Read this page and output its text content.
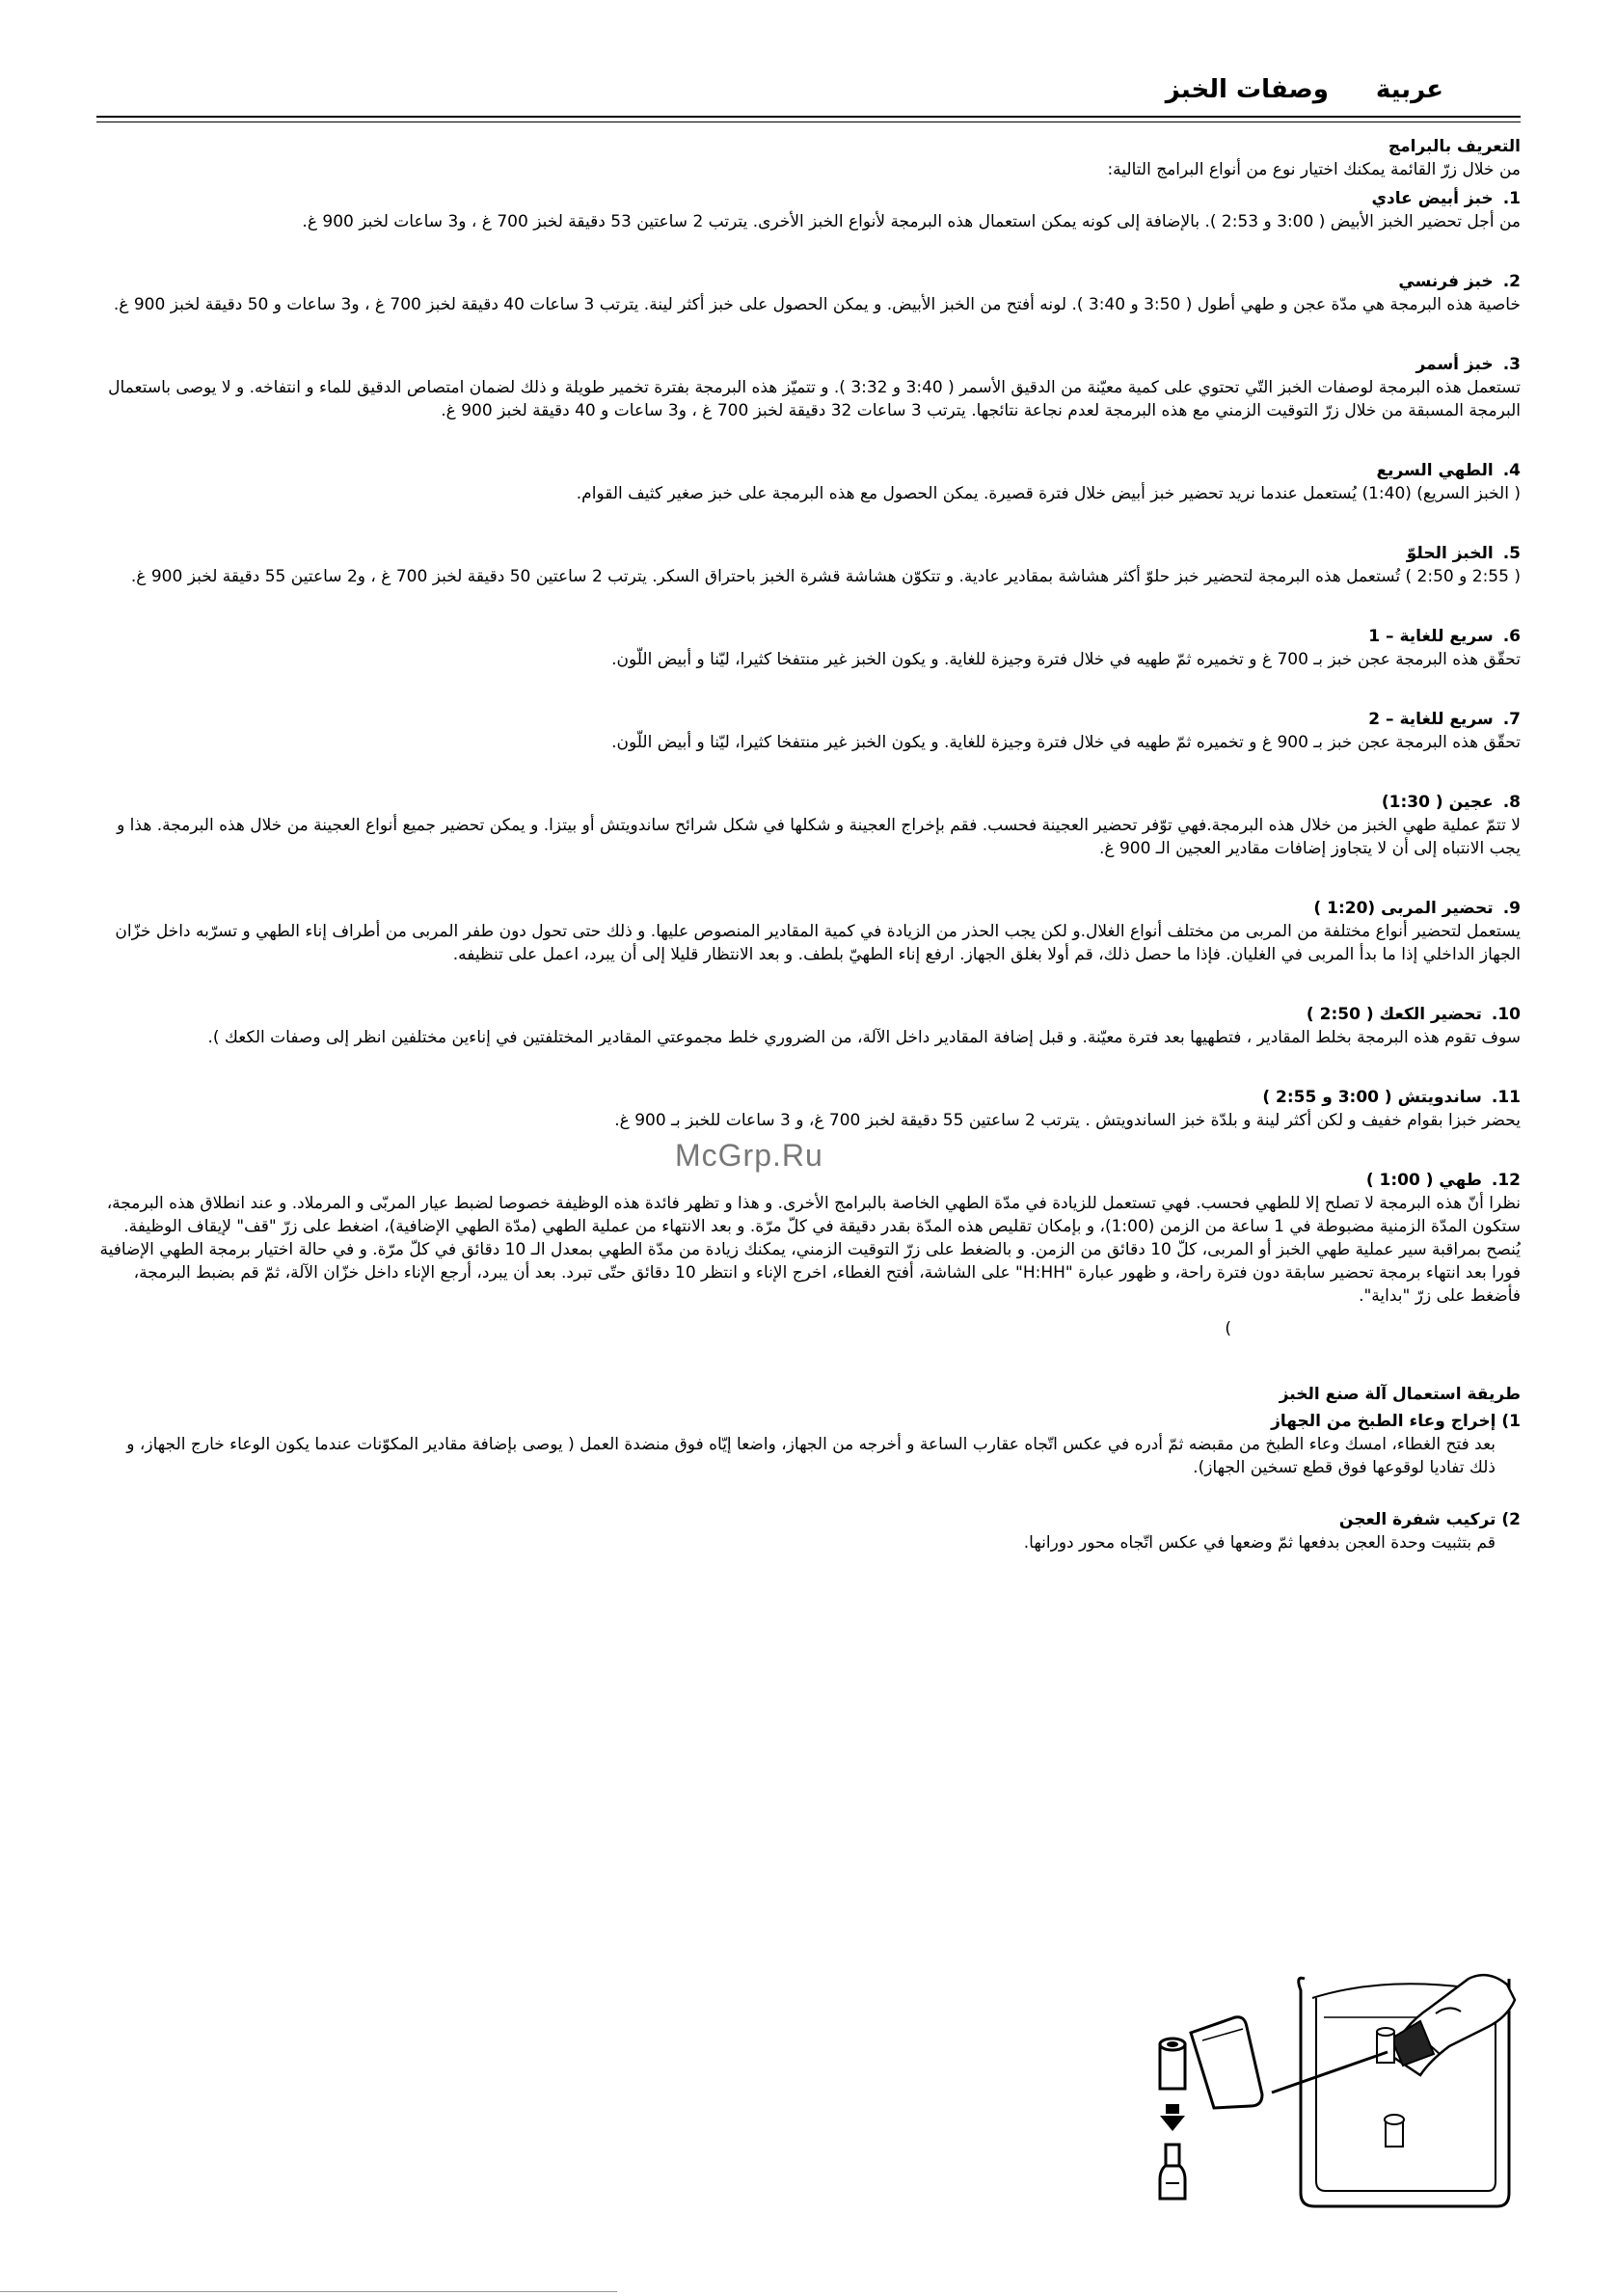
عربية وصفات الخبز
التعريف بالبرامج
من خلال زرّ القائمة يمكنك اختيار نوع من أنواع البرامج التالية:
1.خبز أبيض عادي
من أجل تحضير الخبز الأبيض ( 3:00 و 2:53 ). بالإضافة إلى كونه يمكن استعمال هذه البرمجة لأنواع الخبز الأخرى. يترتب 2 ساعتين 53 دقيقة لخبز 700 غ ، و3 ساعات لخبز 900 غ.
2.خبز فرنسي
خاصية هذه البرمجة هي مدّة عجن و طهي أطول ( 3:50 و 3:40 ). لونه أفتح من الخبز الأبيض. و يمكن الحصول على خبز أكثر لينة. يترتب 3 ساعات 40 دقيقة لخبز 700 غ ، و3 ساعات و 50 دقيقة لخبز 900 غ.
3.خبز أسمر
تستعمل هذه البرمجة لوصفات الخبز التّي تحتوي على كمية معيّنة من الدقيق الأسمر ( 3:40 و 3:32 ). و تتميّز هذه البرمجة بفترة تخمير طويلة و ذلك لضمان امتصاص الدقيق للماء و انتفاخه. و لا يوصى باستعمال البرمجة المسبقة من خلال زرّ التوقيت الزمني مع هذه البرمجة لعدم نجاعة نتائجها. يترتب 3 ساعات 32 دقيقة لخبز 700 غ ، و3 ساعات و 40 دقيقة لخبز 900 غ.
4.الطهي السريع
( الخبز السريع) (1:40) يُستعمل عندما نريد تحضير خبز أبيض خلال فترة قصيرة. يمكن الحصول مع هذه البرمجة على خبز صغير كثيف القوام.
5.الخبز الحلوّ
( 2:55 و 2:50 ) تُستعمل هذه البرمجة لتحضير خبز حلوّ أكثر هشاشة بمقادير عادية. و تتكوّن هشاشة قشرة الخبز باحتراق السكر. يترتب 2 ساعتين 50 دقيقة لخبز 700 غ ، و2 ساعتين 55 دقيقة لخبز 900 غ.
6.سريع للغاية – 1
تحقّق هذه البرمجة عجن خبز بـ 700 غ و تخميره ثمّ طهيه في خلال فترة وجيزة للغاية. و يكون الخبز غير منتفخا كثيرا، ليّنا و أبيض اللّون.
7.سريع للغاية – 2
تحقّق هذه البرمجة عجن خبز بـ 900 غ و تخميره ثمّ طهيه في خلال فترة وجيزة للغاية. و يكون الخبز غير منتفخا كثيرا، ليّنا و أبيض اللّون.
8.عجين ( 1:30)
لا تتمّ عملية طهي الخبز من خلال هذه البرمجة.فهي توّفر تحضير العجينة فحسب. فقم بإخراج العجينة و شكلها في شكل شرائح ساندويتش أو بيتزا. و يمكن تحضير جميع أنواع العجينة من خلال هذه البرمجة. هذا و يجب الانتباه إلى أن لا يتجاوز إضافات مقادير العجين الـ 900 غ.
9.تحضير المربى (1:20 )
يستعمل لتحضير أنواع مختلفة من المربى من مختلف أنواع الغلال.و لكن يجب الحذر من الزيادة في كمية المقادير المنصوص عليها. و ذلك حتى تحول دون طفر المربى من أطراف إناء الطهي و تسرّبه داخل خزّان الجهاز الداخلي إذا ما بدأ المربى في الغليان. فإذا ما حصل ذلك، قم أولا بغلق الجهاز. ارفع إناء الطهيّ بلطف. و بعد الانتظار قليلا إلى أن يبرد، اعمل على تنظيفه.
10.تحضير الكعك ( 2:50 )
سوف تقوم هذه البرمجة بخلط المقادير ، فتطهيها بعد فترة معيّنة. و قبل إضافة المقادير داخل الآلة، من الضروري خلط مجموعتي المقادير المختلفتين في إناءين مختلفين انظر إلى وصفات الكعك ).
11.ساندويتش ( 3:00 و 2:55 )
يحضر خبزا بقوام خفيف و لكن أكثر لينة و بلدّة خبز الساندويتش . يترتب 2 ساعتين 55 دقيقة لخبز 700 غ، و 3 ساعات للخبز بـ 900 غ.
12.طهي ( 1:00 )
نظرا أنّ هذه البرمجة لا تصلح إلا للطهي فحسب. فهي تستعمل للزيادة في مدّة الطهي الخاصة بالبرامج الأخرى. و هذا و تظهر فائدة هذه الوظيفة خصوصا لضبط عيار المربّى و المرملاد. و عند انطلاق هذه البرمجة، ستكون المدّة الزمنية مضبوطة في 1 ساعة من الزمن (1:00)، و بإمكان تقليص هذه المدّة بقدر دقيقة في كلّ مرّة. و بعد الانتهاء من عملية الطهي (مدّة الطهي الإضافية)، اضغط على زرّ "قف" لإيقاف الوظيفة. يُنصح بمراقبة سير عملية طهي الخبز أو المربى، كلّ 10 دقائق من الزمن. و بالضغط على زرّ التوقيت الزمني، يمكنك زيادة من مدّة الطهي بمعدل الـ 10 دقائق في كلّ مرّة. و في حالة اختيار برمجة الطهي الإضافية فورا بعد انتهاء برمجة تحضير سابقة دون فترة راحة، و ظهور عبارة "H:HH" على الشاشة، أفتح الغطاء، اخرج الإناء و انتظر 10 دقائق حتّى تبرد. بعد أن يبرد، أرجع الإناء داخل خزّان الآلة، ثمّ قم بضبط البرمجة، فأضغط على زرّ "بداية".
)
طريقة استعمال آلة صنع الخبز
1) إخراج وعاء الطبخ من الجهاز
بعد فتح الغطاء، امسك وعاء الطبخ من مقبضه ثمّ أدره في عكس اتّجاه عقارب الساعة و أخرجه من الجهاز، واضعا إيّاه فوق منضدة العمل ( يوصى بإضافة مقادير المكوّنات عندما يكون الوعاء خارج الجهاز، و ذلك تفاديا لوقوعها فوق قطع تسخين الجهاز).
2) تركيب شفرة العجن
قم بتثبيت وحدة العجن بدفعها ثمّ وضعها في عكس اتّجاه محور دورانها.
McGrp.Ru
